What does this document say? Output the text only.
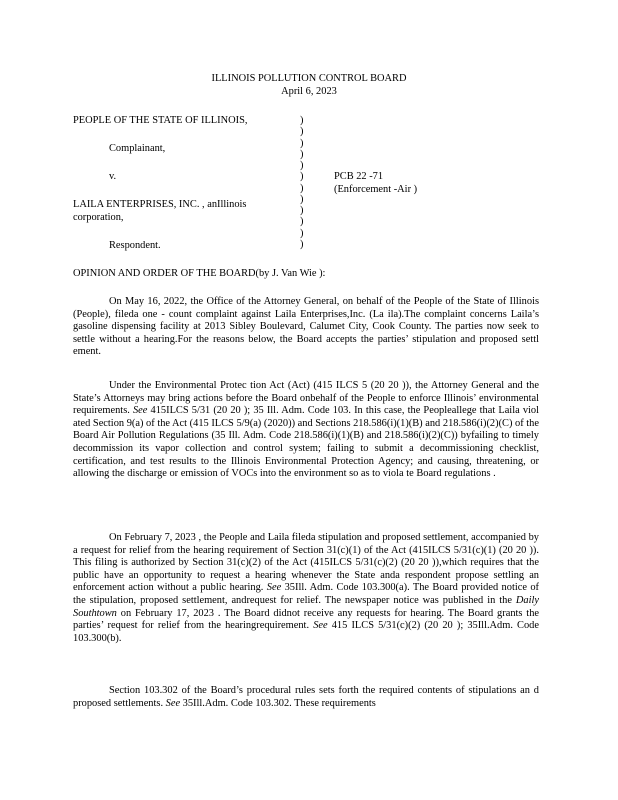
ILLINOIS POLLUTION CONTROL BOARD
April 6, 2023
PEOPLE OF THE STATE OF ILLINOIS,
Complainant,
v.
LAILA ENTERPRISES, INC. , anIllinois
corporation,
Respondent.
)
)
)
)
)
)
)
)
)
)
)
)
PCB 22 -71
(Enforcement -Air )
OPINION AND ORDER OF THE BOARD(by J. Van Wie ):

On May 16, 2022, the Office of the Attorney General, on behalf of the People of the State of Illinois (People), fileda one - count complaint against Laila Enterprises,Inc. (La ila).The complaint concerns Laila’s gasoline dispensing facility at 2013 Sibley Boulevard, Calumet City, Cook County. The parties now seek to settle without a hearing.For the reasons below, the Board accepts the parties’ stipulation and proposed settl ement.

Under the Environmental Protec tion Act (Act) (415 ILCS 5 (20 20 )), the Attorney General and the State’s Attorneys may bring actions before the Board onbehalf of the People to enforce Illinois’ environmental requirements. See 415ILCS 5/31 (20 20 ); 35 Ill. Adm. Code 103. In this case, the Peopleallege that Laila viol ated Section 9(a) of the Act (415 ILCS 5/9(a) (2020)) and Sections 218.586(i)(1)(B) and 218.586(i)(2)(C) of the Board Air Pollution Regulations (35 Ill. Adm. Code 218.586(i)(1)(B) and 218.586(i)(2)(C)) byfailing to timely decommission its vapor collection and control system; failing to submit a decommissioning checklist, certification, and test results to the Illinois Environmental Protection Agency; and causing, threatening, or allowing the discharge or emission of VOCs into the environment so as to viola te Board regulations .

On February 7, 2023 , the People and Laila fileda stipulation and proposed settlement, accompanied by a request for relief from the hearing requirement of Section 31(c)(1) of the Act (415ILCS 5/31(c)(1) (20 20 )). This filing is authorized by Section 31(c)(2) of the Act (415ILCS 5/31(c)(2) (20 20 )),which requires that the public have an opportunity to request a hearing whenever the State anda respondent propose settling an enforcement action without a public hearing. See 35Ill. Adm. Code 103.300(a). The Board provided notice of the stipulation, proposed settlement, andrequest for relief. The newspaper notice was published in the Daily Southtown on February 17, 2023 . The Board didnot receive any requests for hearing. The Board grants the parties’ request for relief from the hearingrequirement. See 415 ILCS 5/31(c)(2) (20 20 ); 35Ill.Adm. Code 103.300(b).

Section 103.302 of the Board’s procedural rules sets forth the required contents of stipulations an d proposed settlements. See 35Ill.Adm. Code 103.302. These requirements
